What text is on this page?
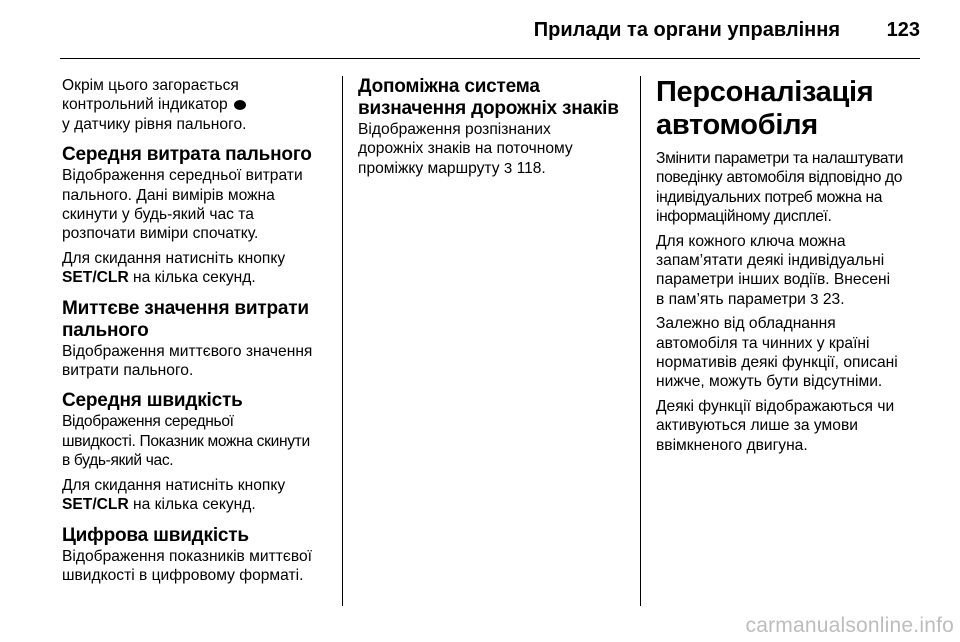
Прилади та органи управління 123

Окрім цього загорається
контрольний індикатор
у датчику рівня пального.

Середня витрата пального

Відображення середньої витрати
пального. Дані вимірів можна
скинути у будь-який час та
розпочати виміри спочатку.

Для скидання натисніть кнопку
SET/CLR на кілька секунд.

Миттєве значення витрати
пального

Відображення миттєвого значення
витрати пального.

Середня швидкість

Відображення середньої
швидкості. Показник можна скинути
в будь-який час.

Для скидання натисніть кнопку
SET/CLR на кілька секунд.

Цифрова швидкість

Відображення показників миттєвої
швидкості в цифровому форматі.

Допоміжна система
визначення дорожніх знаків

Відображення розпізнаних
дорожніх знаків на поточному
проміжку маршруту 3 118.

Персоналізація
автомобіля

Змінити параметри та налаштувати
поведінку автомобіля відповідно до
індивідуальних потреб можна на
інформаційному дисплеї.

Для кожного ключа можна
запам’ятати деякі індивідуальні
параметри інших водіїв. Внесені
в пам’ять параметри 3 23.

Залежно від обладнання
автомобіля та чинних у країні
нормативів деякі функції, описані
нижче, можуть бути відсутніми.

Деякі функції відображаються чи
активуються лише за умови
ввімкненого двигуна.

carmanualsonline.info
